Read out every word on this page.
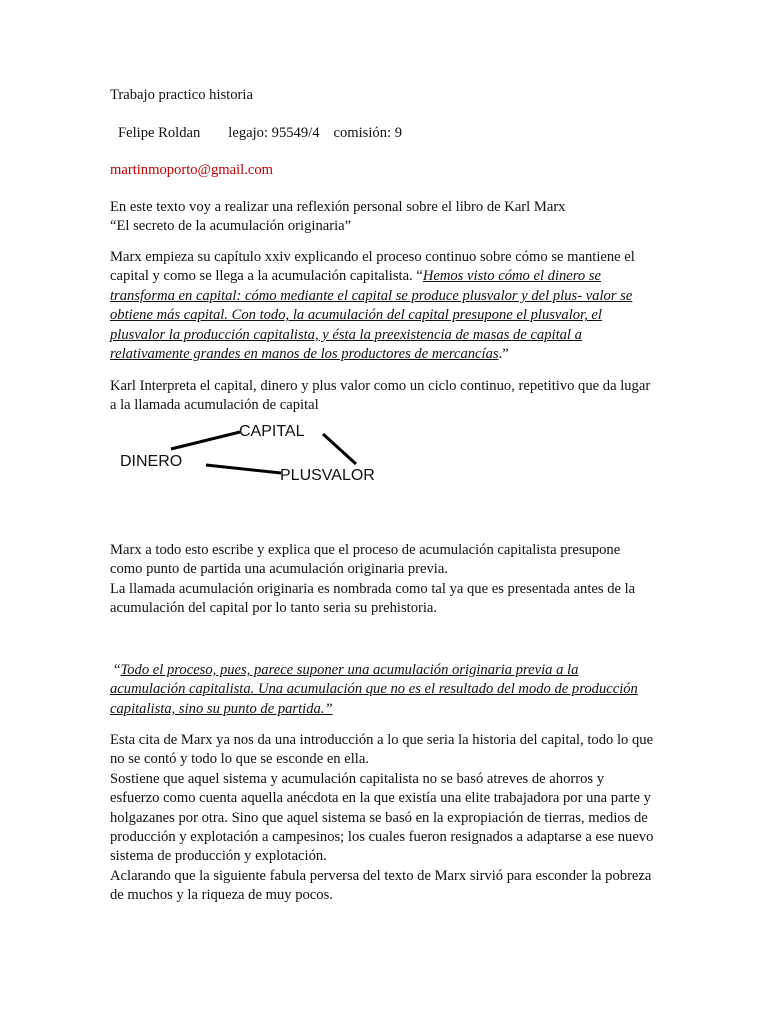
Trabajo practico historia
Felipe Roldan legajo: 95549/4 comisión: 9
martinmoporto@gmail.com
En este texto voy a realizar una reflexión personal sobre el libro de Karl Marx
“El secreto de la acumulación originaria”

Marx empieza su capítulo xxiv explicando el proceso continuo sobre cómo se mantiene el capital y como se llega a la acumulación capitalista. “Hemos visto cómo el dinero se transforma en capital: cómo mediante el capital se produce plusvalor y del plus- valor se obtiene más capital. Con todo, la acumulación del capital presupone el plusvalor, el plusvalor la producción capitalista, y ésta la preexistencia de masas de capital a relativamente grandes en manos de los productores de mercancías.”

Karl Interpreta el capital, dinero y plus valor como un ciclo continuo, repetitivo que da lugar a la llamada acumulación de capital
CAPITAL
DINERO
PLUSVALOR

Marx a todo esto escribe y explica que el proceso de acumulación capitalista presupone como punto de partida una acumulación originaria previa.

La llamada acumulación originaria es nombrada como tal ya que es presentada antes de la acumulación del capital por lo tanto seria su prehistoria.

“Todo el proceso, pues, parece suponer una acumulación originaria previa a la acumulación capitalista. Una acumulación que no es el resultado del modo de producción capitalista, sino su punto de partida.”

Esta cita de Marx ya nos da una introducción a lo que seria la historia del capital, todo lo que no se contó y todo lo que se esconde en ella.

Sostiene que aquel sistema y acumulación capitalista no se basó atreves de ahorros y esfuerzo como cuenta aquella anécdota en la que existía una elite trabajadora por una parte y holgazanes por otra. Sino que aquel sistema se basó en la expropiación de tierras, medios de producción y explotación a campesinos; los cuales fueron resignados a adaptarse a ese nuevo sistema de producción y explotación.

Aclarando que la siguiente fabula perversa del texto de Marx sirvió para esconder la pobreza de muchos y la riqueza de muy pocos.
